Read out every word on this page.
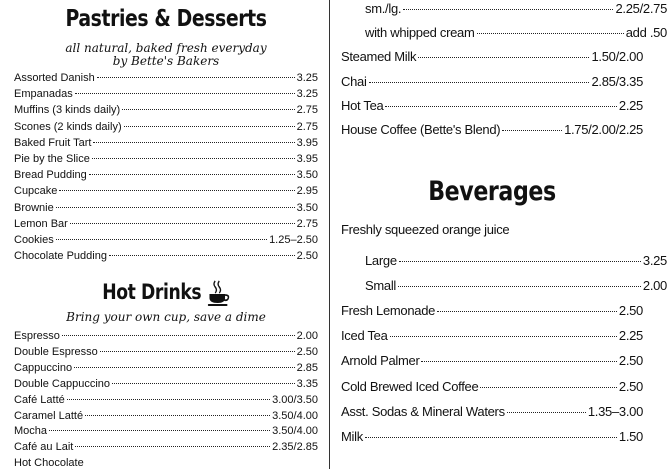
Pastries & Desserts
all natural, baked fresh everyday
by Bette's Bakers
Assorted Danish	3.25
Empanadas	3.25
Muffins (3 kinds daily)	2.75
Scones (2 kinds daily)	2.75
Baked Fruit Tart	3.95
Pie by the Slice	3.95
Bread Pudding	3.50
Cupcake	2.95
Brownie	3.50
Lemon Bar	2.75
Cookies	1.25–2.50
Chocolate Pudding	2.50
Hot Drinks
Bring your own cup, save a dime
Espresso	2.00
Double Espresso	2.50
Cappuccino	2.85
Double Cappuccino	3.35
Café Latté	3.00/3.50
Caramel Latté	3.50/4.00
Mocha	3.50/4.00
Café au Lait	2.35/2.85
Hot Chocolate
sm./lg.	2.25/2.75
with whipped cream	add .50
Steamed Milk	1.50/2.00
Chai	2.85/3.35
Hot Tea	2.25
House Coffee (Bette's Blend)	1.75/2.00/2.25
Beverages
Freshly squeezed orange juice
Large	3.25
Small	2.00
Fresh Lemonade	2.50
Iced Tea	2.25
Arnold Palmer	2.50
Cold Brewed Iced Coffee	2.50
Asst. Sodas & Mineral Waters	1.35–3.00
Milk	1.50
